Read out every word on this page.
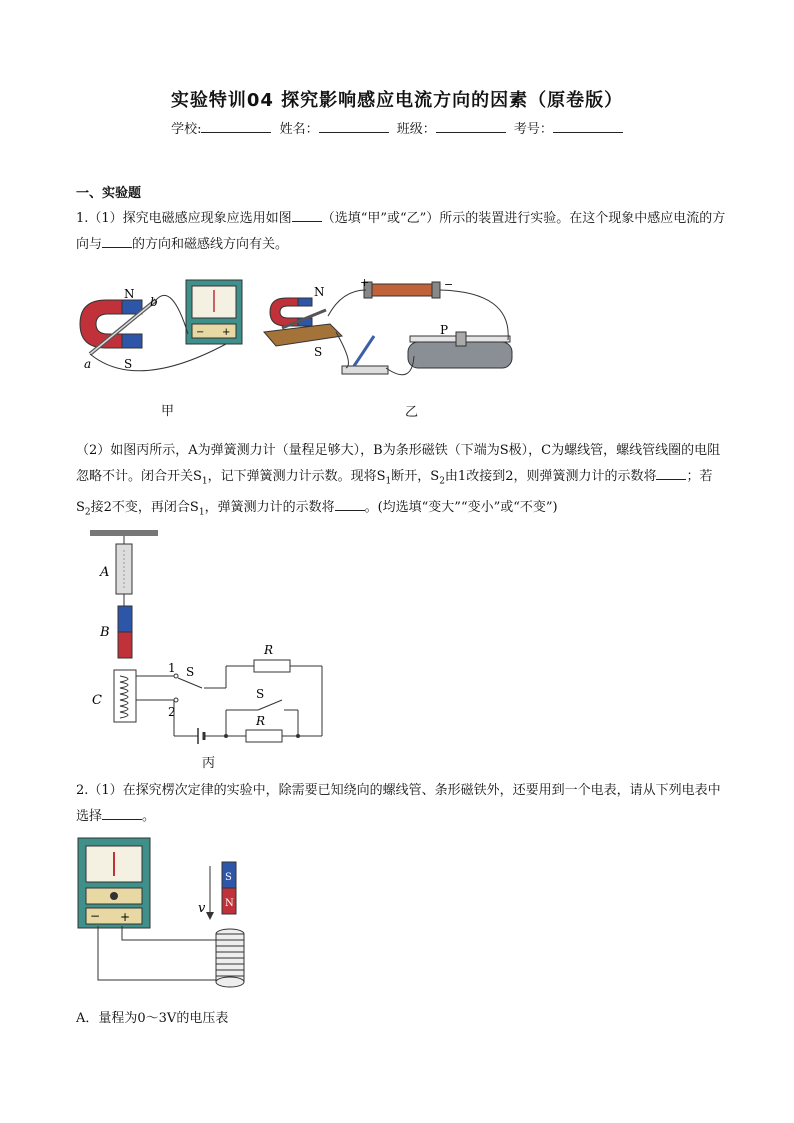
实验特训04 探究影响感应电流方向的因素（原卷版）
学校:	姓名：	班级：	考号：
一、实验题

1.（1）探究电磁感应现象应选用如图 （选填“甲”或“乙”）所示的装置进行实验。在这个现象中感应电流的方向与 的方向和磁感线方向有关。

N
b
S
a
− +
甲
N
S
+	−
P
乙

（2）如图丙所示，A为弹簧测力计（量程足够大），B为条形磁铁（下端为S极），C为螺线管，螺线管线圈的电阻忽略不计。闭合开关$S_1$，记下弹簧测力计示数。现将$S_1$断开，$S_2$由1改接到2，则弹簧测力计的示数将 ；若$S_2$接2不变，再闭合$S_1$，弹簧测力计的示数将 。(均选填“变大”“变小”或“不变”)

A
B
C
1
2
S
R
S
R
丙

2.（1）在探究楞次定律的实验中，除需要已知绕向的螺线管、条形磁铁外，还要用到一个电表，请从下列电表中选择	。

− +
S
N
v

A．量程为0～3V的电压表
